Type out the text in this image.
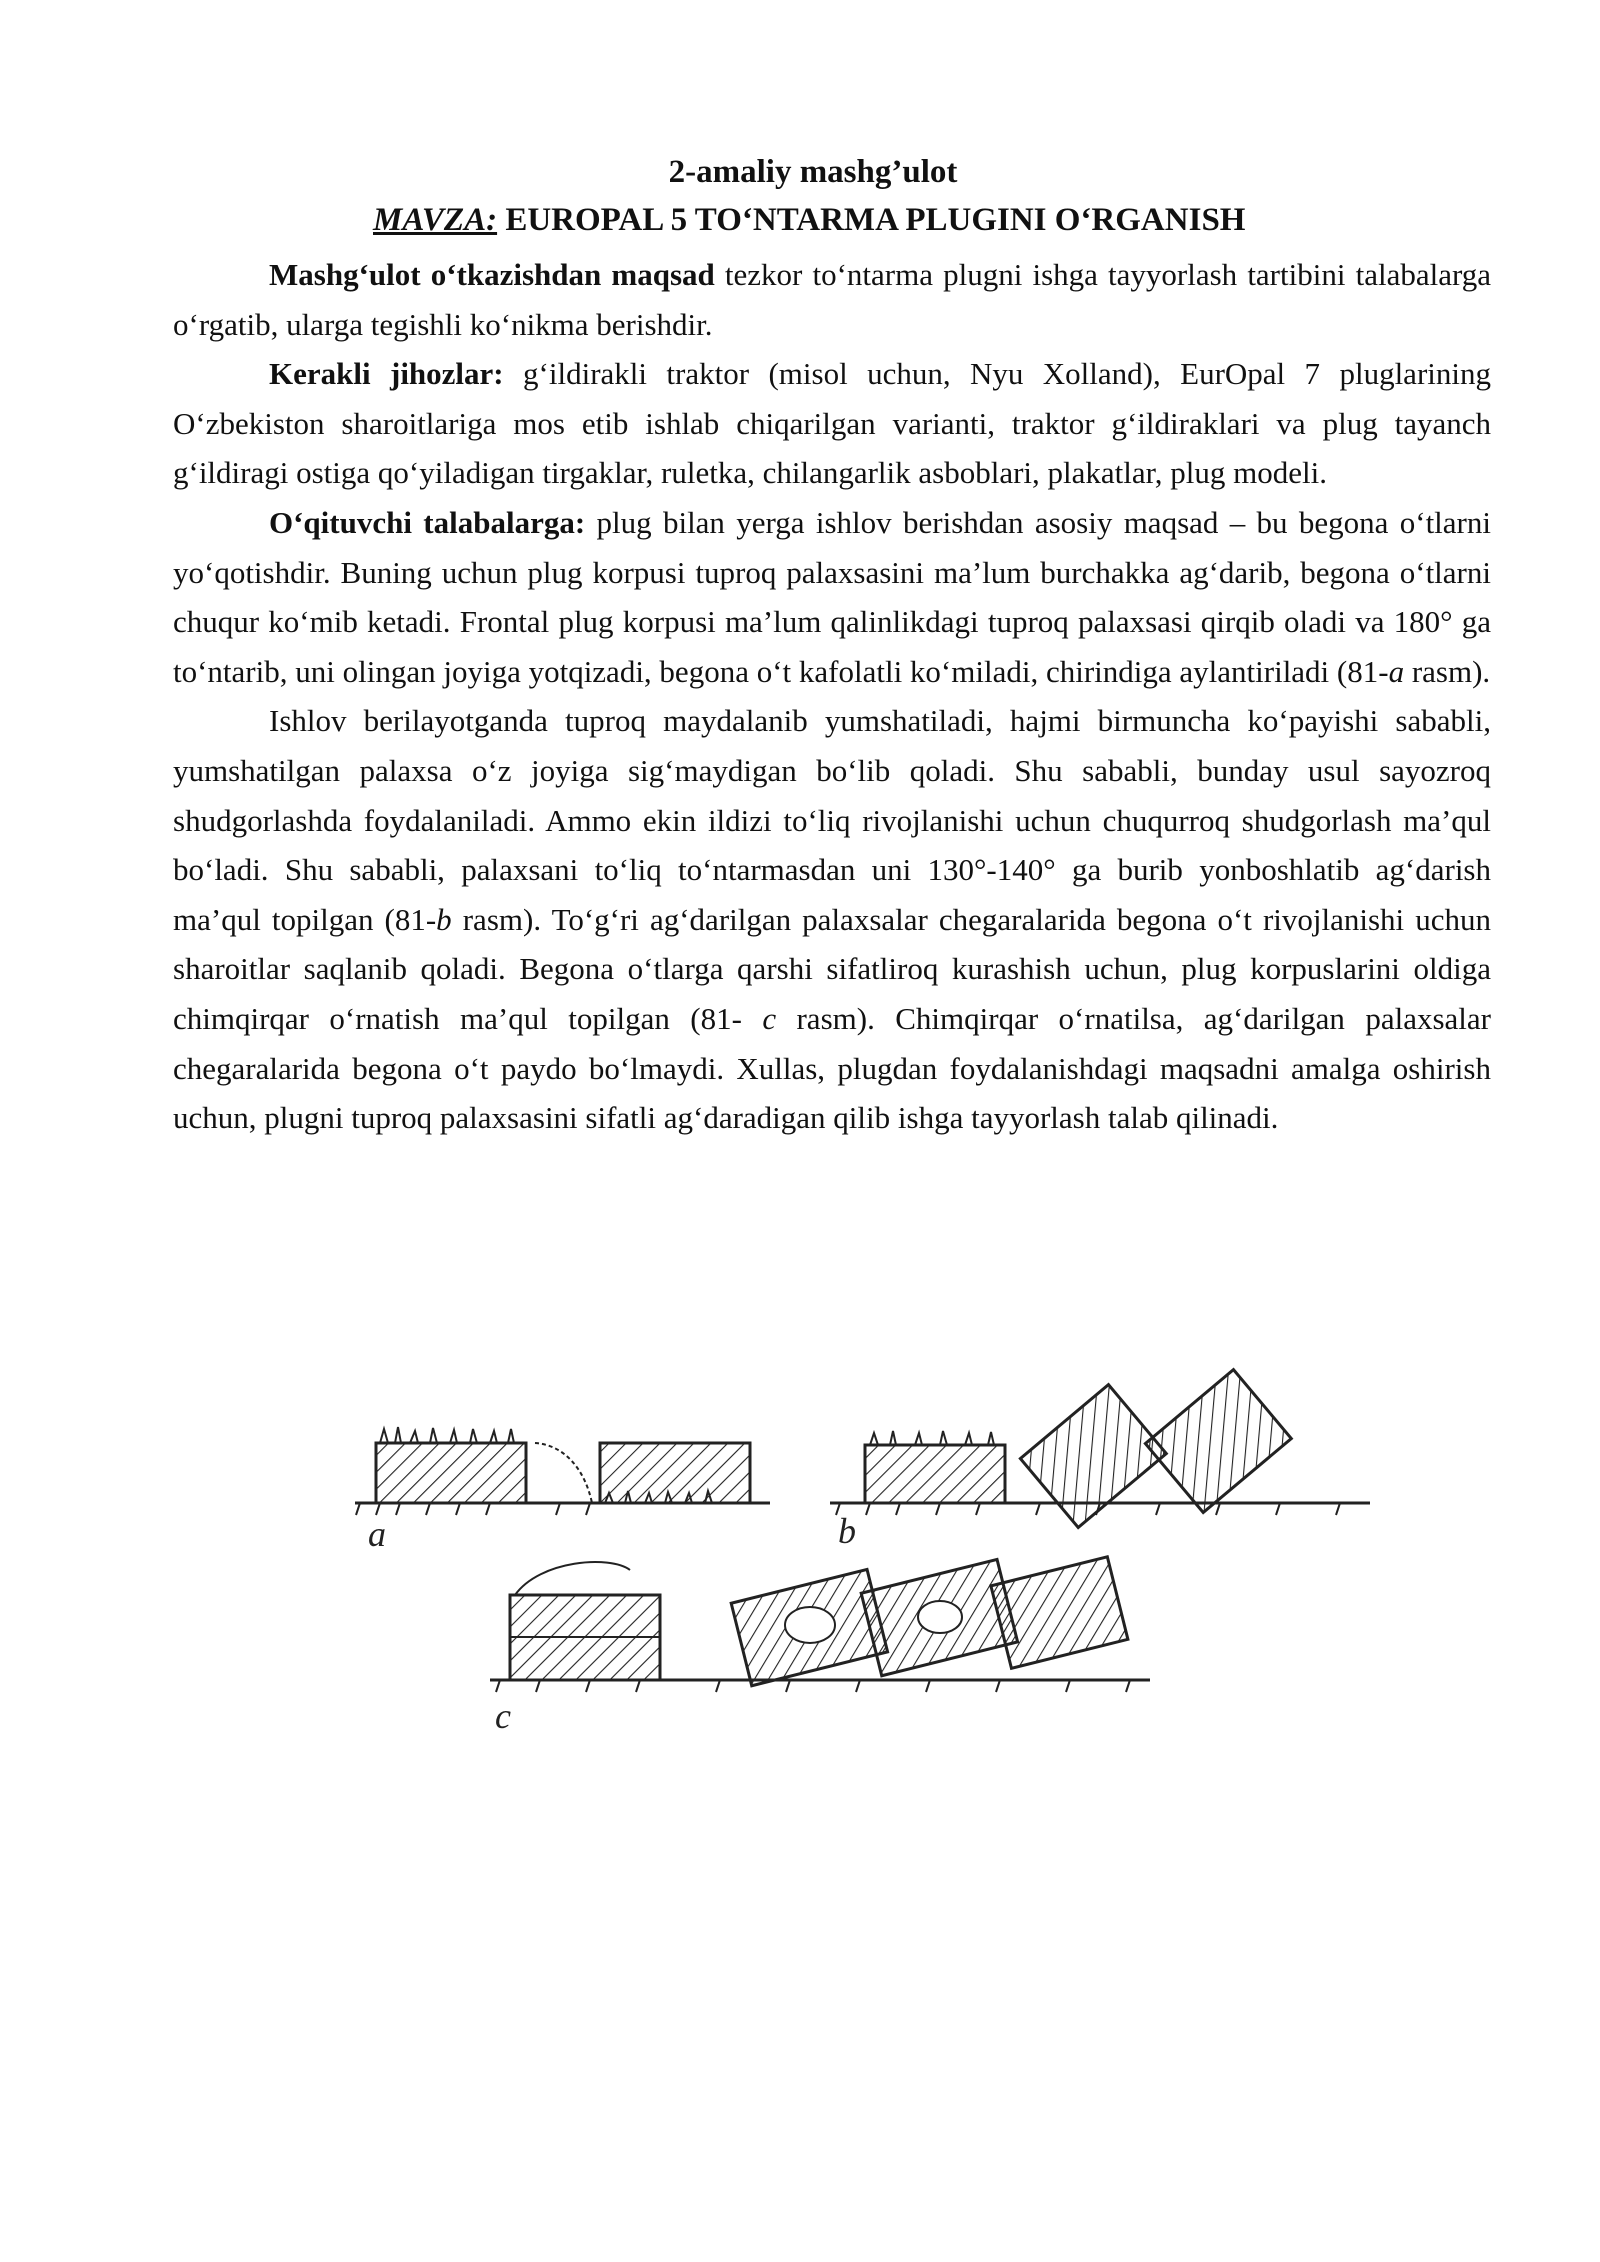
2-amaliy mashg’ulot
MAVZA: EUROPAL 5 TO‘NTARMA PLUGINI O‘RGANISH

Mashg‘ulot o‘tkazishdan maqsad tezkor to‘ntarma plugni ishga tayyorlash tartibini talabalarga o‘rgatib, ularga tegishli ko‘nikma berishdir.

Kerakli jihozlar: g‘ildirakli traktor (misol uchun, Nyu Xolland), EurOpal 7 pluglarining O‘zbekiston sharoitlariga mos etib ishlab chiqarilgan varianti, traktor g‘ildiraklari va plug tayanch g‘ildiragi ostiga qo‘yiladigan tirgaklar, ruletka, chilangarlik asboblari, plakatlar, plug modeli.

O‘qituvchi talabalarga: plug bilan yerga ishlov berishdan asosiy maqsad – bu begona o‘tlarni yo‘qotishdir. Buning uchun plug korpusi tuproq palaxsasini ma’lum burchakka ag‘darib, begona o‘tlarni chuqur ko‘mib ketadi. Frontal plug korpusi ma’lum qalinlikdagi tuproq palaxsasi qirqib oladi va 180° ga to‘ntarib, uni olingan joyiga yotqizadi, begona o‘t kafolatli ko‘miladi, chirindiga aylantiriladi (81-a rasm).

Ishlov berilayotganda tuproq maydalanib yumshatiladi, hajmi birmuncha ko‘payishi sababli, yumshatilgan palaxsa o‘z joyiga sig‘maydigan bo‘lib qoladi. Shu sababli, bunday usul sayozroq shudgorlashda foydalaniladi. Ammo ekin ildizi to‘liq rivojlanishi uchun chuqurroq shudgorlash ma’qul bo‘ladi. Shu sababli, palaxsani to‘liq to‘ntarmasdan uni 130°-140° ga burib yonboshlatib ag‘darish ma’qul topilgan (81-b rasm). To‘g‘ri ag‘darilgan palaxsalar chegaralarida begona o‘t rivojlanishi uchun sharoitlar saqlanib qoladi. Begona o‘tlarga qarshi sifatliroq kurashish uchun, plug korpuslarini oldiga chimqirqar o‘rnatish ma’qul topilgan (81- c rasm). Chimqirqar o‘rnatilsa, ag‘darilgan palaxsalar chegaralarida begona o‘t paydo bo‘lmaydi. Xullas, plugdan foydalanishdagi maqsadni amalga oshirish uchun, plugni tuproq palaxsasini sifatli ag‘daradigan qilib ishga tayyorlash talab qilinadi.

a	b
c
